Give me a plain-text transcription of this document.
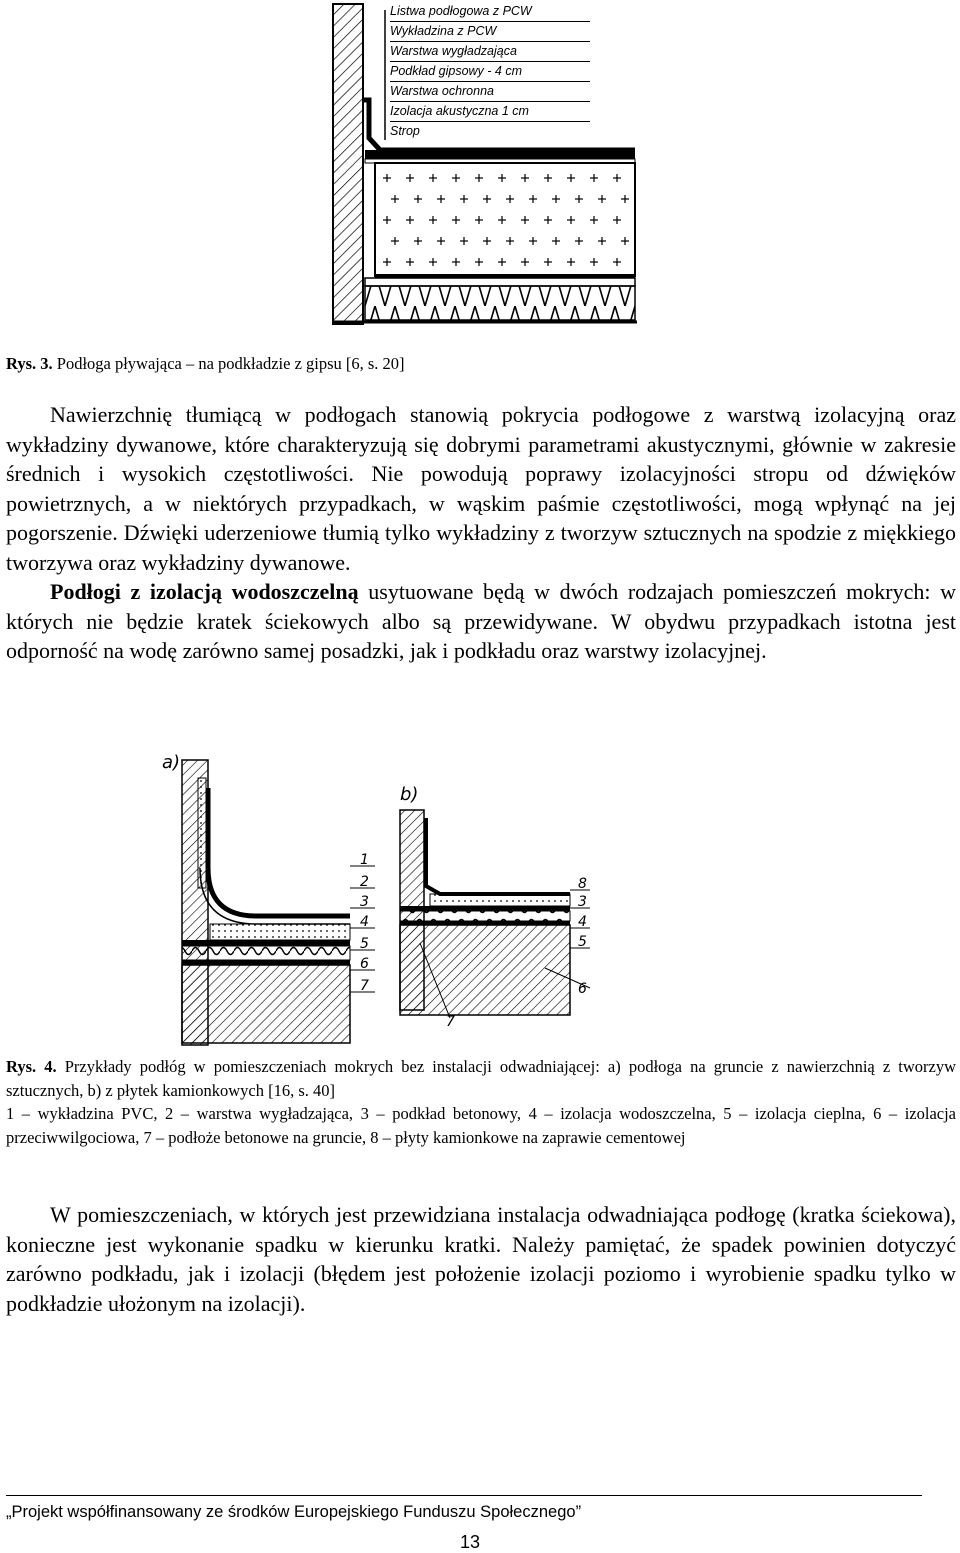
Listwa podłogowa z PCW
Wykładzina z PCW
Warstwa wygładzająca
Podkład gipsowy - 4 cm
Warstwa ochronna
Izolacja akustyczna 1 cm
Strop
Rys. 3. Podłoga pływająca – na podkładzie z gipsu [6, s. 20]

Nawierzchnię tłumiącą w podłogach stanowią pokrycia podłogowe z warstwą izolacyjną oraz wykładziny dywanowe, które charakteryzują się dobrymi parametrami akustycznymi, głównie w zakresie średnich i wysokich częstotliwości. Nie powodują poprawy izolacyjności stropu od dźwięków powietrznych, a w niektórych przypadkach, w wąskim paśmie częstotliwości, mogą wpłynąć na jej pogorszenie. Dźwięki uderzeniowe tłumią tylko wykładziny z tworzyw sztucznych na spodzie z miękkiego tworzywa oraz wykładziny dywanowe.

Podłogi z izolacją wodoszczelną usytuowane będą w dwóch rodzajach pomieszczeń mokrych: w których nie będzie kratek ściekowych albo są przewidywane. W obydwu przypadkach istotna jest odporność na wodę zarówno samej posadzki, jak i podkładu oraz warstwy izolacyjnej.

a)
1
2
3
4
5
6
7
b)
8
3
4
5
6
7

Rys. 4. Przykłady podłóg w pomieszczeniach mokrych bez instalacji odwadniającej: a) podłoga na gruncie z nawierzchnią z tworzyw sztucznych, b) z płytek kamionkowych [16, s. 40]

1 – wykładzina PVC, 2 – warstwa wygładzająca, 3 – podkład betonowy, 4 – izolacja wodoszczelna, 5 – izolacja cieplna, 6 – izolacja przeciwwilgociowa, 7 – podłoże betonowe na gruncie, 8 – płyty kamionkowe na zaprawie cementowej

W pomieszczeniach, w których jest przewidziana instalacja odwadniająca podłogę (kratka ściekowa), konieczne jest wykonanie spadku w kierunku kratki. Należy pamiętać, że spadek powinien dotyczyć zarówno podkładu, jak i izolacji (błędem jest położenie izolacji poziomo i wyrobienie spadku tylko w podkładzie ułożonym na izolacji).

„Projekt współfinansowany ze środków Europejskiego Funduszu Społecznego”
13
